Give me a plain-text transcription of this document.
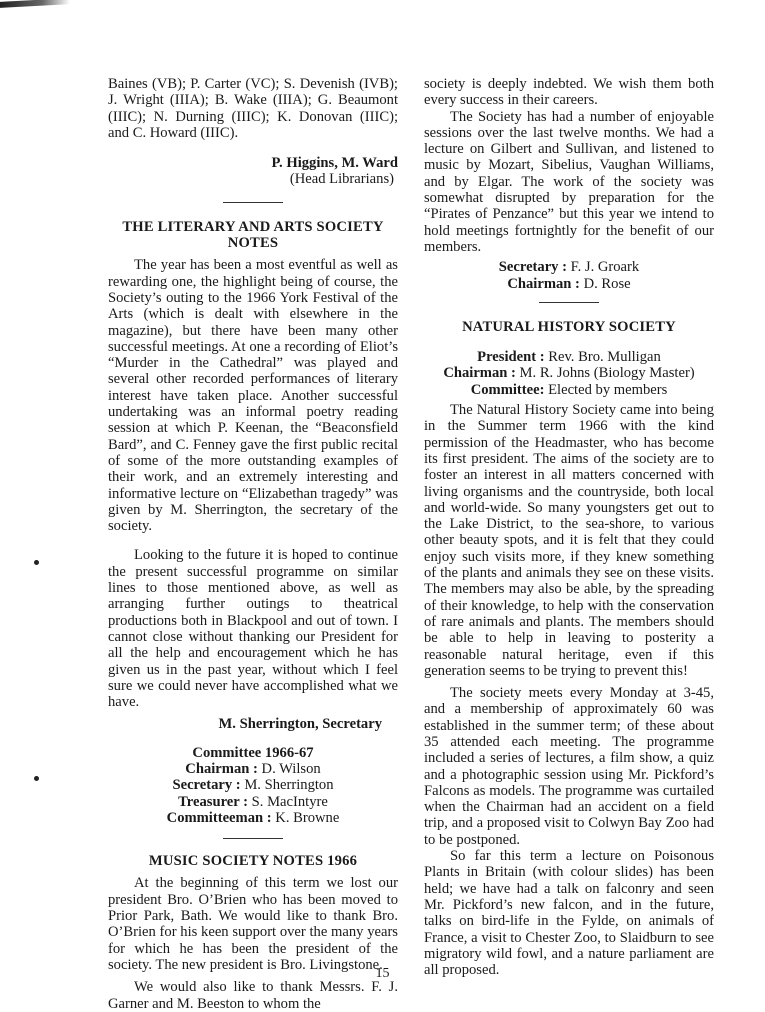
Baines (VB); P. Carter (VC); S. Devenish (IVB); J. Wright (IIIA); B. Wake (IIIA); G. Beaumont (IIIC); N. Durning (IIIC); K. Donovan (IIIC); and C. Howard (IIIC).

P. Higgins, M. Ward

(Head Librarians)

THE LITERARY AND ARTS SOCIETY NOTES

The year has been a most eventful as well as rewarding one, the highlight being of course, the Society’s outing to the 1966 York Festival of the Arts (which is dealt with elsewhere in the magazine), but there have been many other successful meetings. At one a recording of Eliot’s “Murder in the Cathedral” was played and several other recorded performances of literary interest have taken place. Another successful undertaking was an informal poetry reading session at which P. Keenan, the “Beaconsfield Bard”, and C. Fenney gave the first public recital of some of the more outstanding examples of their work, and an extremely interesting and informative lecture on “Elizabethan tragedy” was given by M. Sherrington, the secretary of the society.

Looking to the future it is hoped to continue the present successful programme on similar lines to those mentioned above, as well as arranging further outings to theatrical productions both in Blackpool and out of town. I cannot close without thanking our President for all the help and encouragement which he has given us in the past year, without which I feel sure we could never have accomplished what we have.

M. Sherrington, Secretary

Committee 1966-67
Chairman : D. Wilson
Secretary : M. Sherrington
Treasurer : S. MacIntyre
Committeeman : K. Browne
MUSIC SOCIETY NOTES 1966

At the beginning of this term we lost our president Bro. O’Brien who has been moved to Prior Park, Bath. We would like to thank Bro. O’Brien for his keen support over the many years for which he has been the president of the society. The new president is Bro. Livingstone.

We would also like to thank Messrs. F. J. Garner and M. Beeston to whom the

society is deeply indebted. We wish them both every success in their careers.

The Society has had a number of enjoyable sessions over the last twelve months. We had a lecture on Gilbert and Sullivan, and listened to music by Mozart, Sibelius, Vaughan Williams, and by Elgar. The work of the society was somewhat disrupted by preparation for the “Pirates of Penzance” but this year we intend to hold meetings fortnightly for the benefit of our members.

Secretary : F. J. Groark
Chairman : D. Rose
NATURAL HISTORY SOCIETY
President : Rev. Bro. Mulligan
Chairman : M. R. Johns (Biology Master)
Committee: Elected by members

The Natural History Society came into being in the Summer term 1966 with the kind permission of the Headmaster, who has become its first president. The aims of the society are to foster an interest in all matters concerned with living organisms and the countryside, both local and world-wide. So many youngsters get out to the Lake District, to the sea-shore, to various other beauty spots, and it is felt that they could enjoy such visits more, if they knew something of the plants and animals they see on these visits. The members may also be able, by the spreading of their knowledge, to help with the conservation of rare animals and plants. The members should be able to help in leaving to posterity a reasonable natural heritage, even if this generation seems to be trying to prevent this!

The society meets every Monday at 3-45, and a membership of approximately 60 was established in the summer term; of these about 35 attended each meeting. The programme included a series of lectures, a film show, a quiz and a photographic session using Mr. Pickford’s Falcons as models. The programme was curtailed when the Chairman had an accident on a field trip, and a proposed visit to Colwyn Bay Zoo had to be postponed.

So far this term a lecture on Poisonous Plants in Britain (with colour slides) has been held; we have had a talk on falconry and seen Mr. Pickford’s new falcon, and in the future, talks on bird-life in the Fylde, on animals of France, a visit to Chester Zoo, to Slaidburn to see migratory wild fowl, and a nature parliament are all proposed.

15
